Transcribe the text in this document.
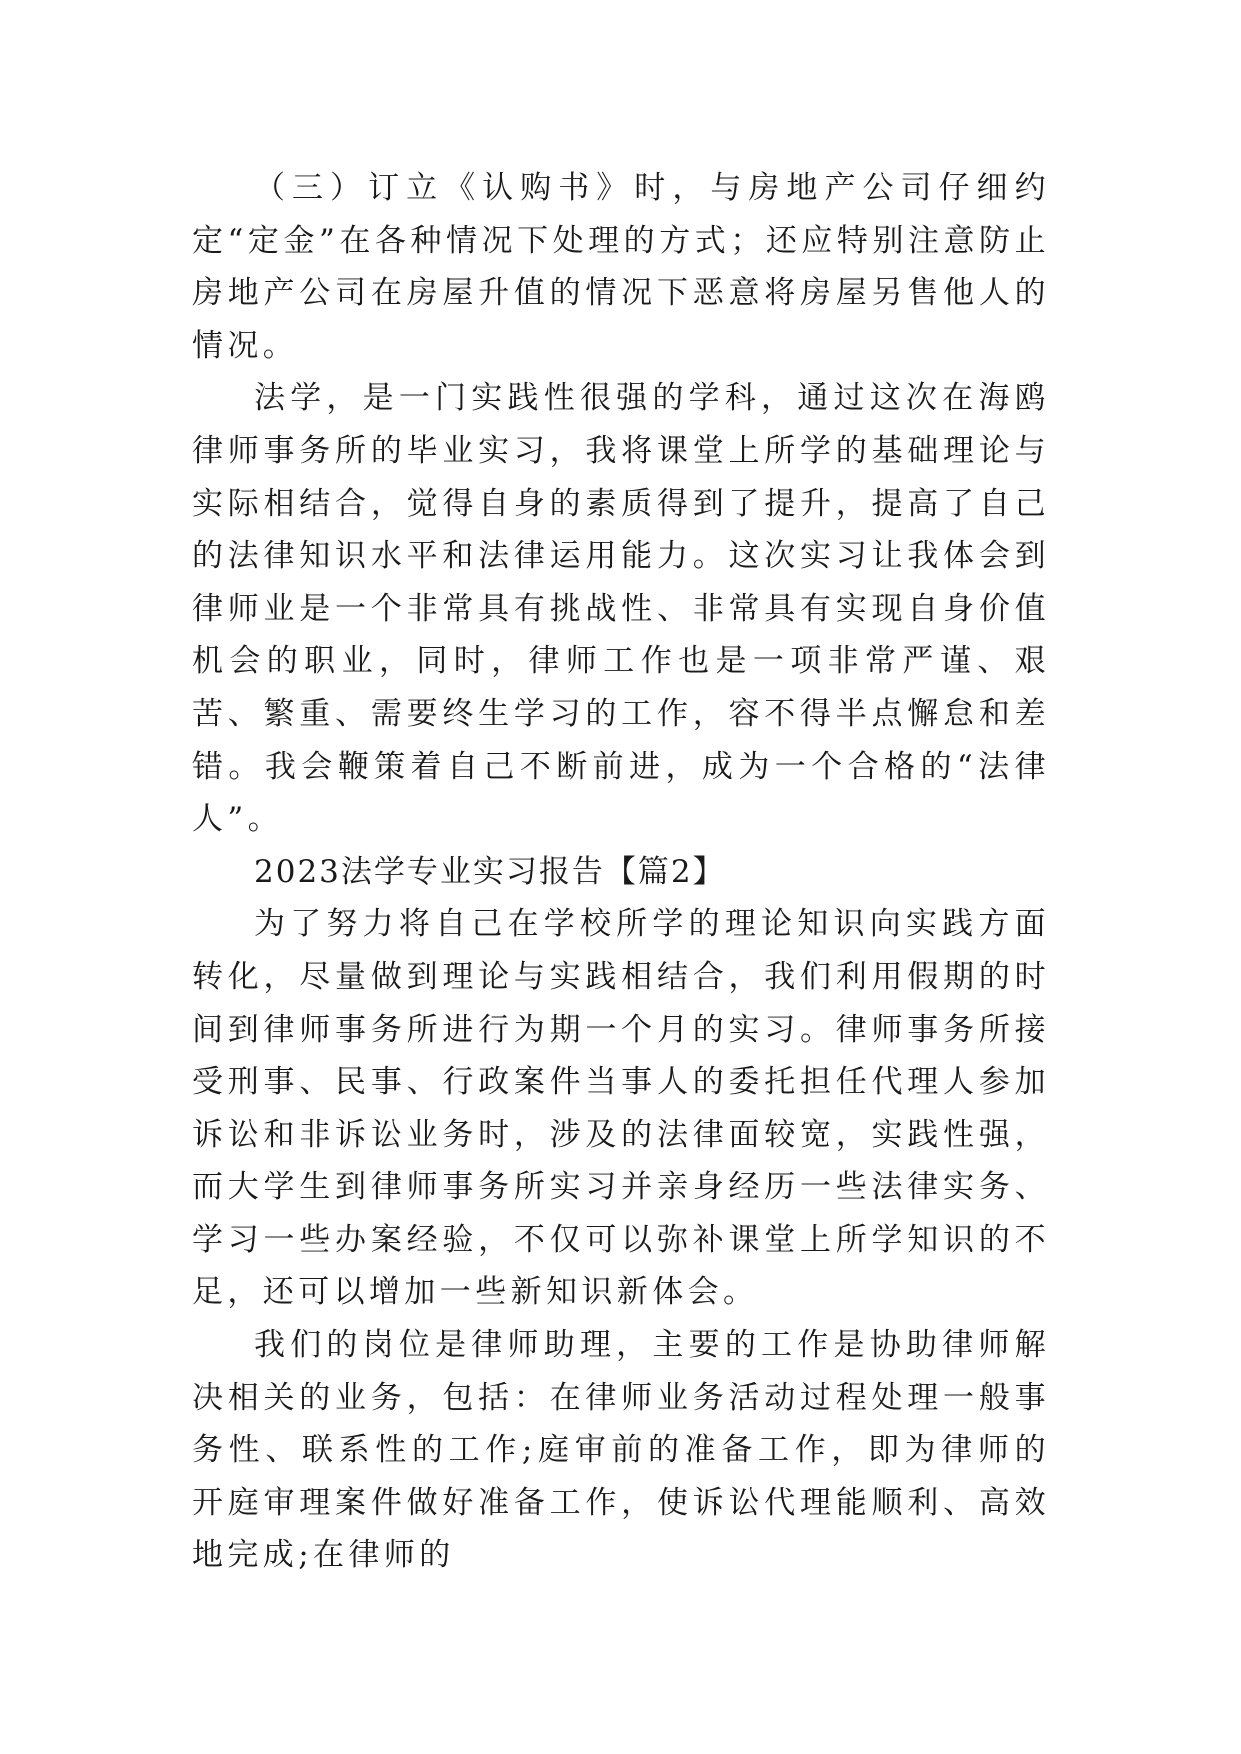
（三）订立《认购书》时，与房地产公司仔细约定“定金”在各种情况下处理的方式；还应特别注意防止房地产公司在房屋升值的情况下恶意将房屋另售他人的情况。

法学，是一门实践性很强的学科，通过这次在海鸥律师事务所的毕业实习，我将课堂上所学的基础理论与实际相结合，觉得自身的素质得到了提升，提高了自己的法律知识水平和法律运用能力。这次实习让我体会到律师业是一个非常具有挑战性、非常具有实现自身价值机会的职业，同时，律师工作也是一项非常严谨、艰苦、繁重、需要终生学习的工作，容不得半点懈怠和差错。我会鞭策着自己不断前进，成为一个合格的“法律人”。

2023法学专业实习报告【篇2】

为了努力将自己在学校所学的理论知识向实践方面转化，尽量做到理论与实践相结合，我们利用假期的时间到律师事务所进行为期一个月的实习。律师事务所接受刑事、民事、行政案件当事人的委托担任代理人参加诉讼和非诉讼业务时，涉及的法律面较宽，实践性强，而大学生到律师事务所实习并亲身经历一些法律实务、学习一些办案经验，不仅可以弥补课堂上所学知识的不足，还可以增加一些新知识新体会。

我们的岗位是律师助理，主要的工作是协助律师解决相关的业务，包括：在律师业务活动过程处理一般事务性、联系性的工作;庭审前的准备工作，即为律师的开庭审理案件做好准备工作，使诉讼代理能顺利、高效地完成;在律师的
